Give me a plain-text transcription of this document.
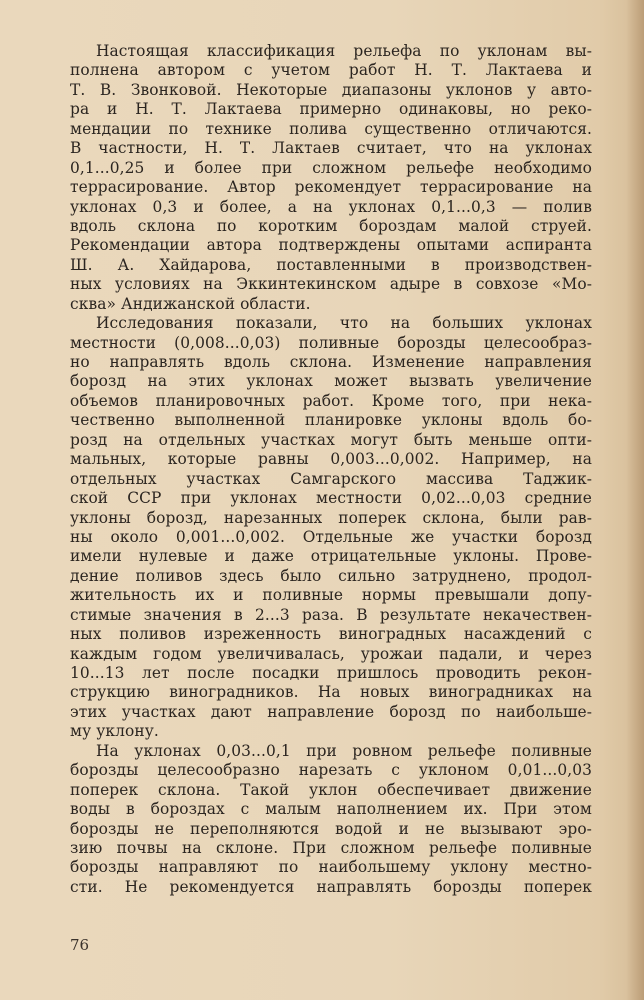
Настоящая классификация рельефа по уклонам вы-
полнена автором с учетом работ Н. Т. Лактаева и
Т. В. Звонковой. Некоторые диапазоны уклонов у авто-
ра и Н. Т. Лактаева примерно одинаковы, но реко-
мендации по технике полива существенно отличаются.
В частности, Н. Т. Лактаев считает, что на уклонах
0,1...0,25 и более при сложном рельефе необходимо
террасирование. Автор рекомендует террасирование на
уклонах 0,3 и более, а на уклонах 0,1...0,3 — полив
вдоль склона по коротким бороздам малой струей.
Рекомендации автора подтверждены опытами аспиранта
Ш. А. Хайдарова, поставленными в производствен-
ных условиях на Эккинтекинском адыре в совхозе «Мо-
сква» Андижанской области.
Исследования показали, что на больших уклонах
местности (0,008...0,03) поливные борозды целесообраз-
но направлять вдоль склона. Изменение направления
борозд на этих уклонах может вызвать увеличение
объемов планировочных работ. Кроме того, при нека-
чественно выполненной планировке уклоны вдоль бо-
розд на отдельных участках могут быть меньше опти-
мальных, которые равны 0,003...0,002. Например, на
отдельных участках Самгарского массива Таджик-
ской ССР при уклонах местности 0,02...0,03 средние
уклоны борозд, нарезанных поперек склона, были рав-
ны около 0,001...0,002. Отдельные же участки борозд
имели нулевые и даже отрицательные уклоны. Прове-
дение поливов здесь было сильно затруднено, продол-
жительность их и поливные нормы превышали допу-
стимые значения в 2...3 раза. В результате некачествен-
ных поливов изреженность виноградных насаждений с
каждым годом увеличивалась, урожаи падали, и через
10...13 лет после посадки пришлось проводить рекон-
струкцию виноградников. На новых виноградниках на
этих участках дают направление борозд по наибольше-
му уклону.
На уклонах 0,03...0,1 при ровном рельефе поливные
борозды целесообразно нарезать с уклоном 0,01...0,03
поперек склона. Такой уклон обеспечивает движение
воды в бороздах с малым наполнением их. При этом
борозды не переполняются водой и не вызывают эро-
зию почвы на склоне. При сложном рельефе поливные
борозды направляют по наибольшему уклону местно-
сти. Не рекомендуется направлять борозды поперек
76
